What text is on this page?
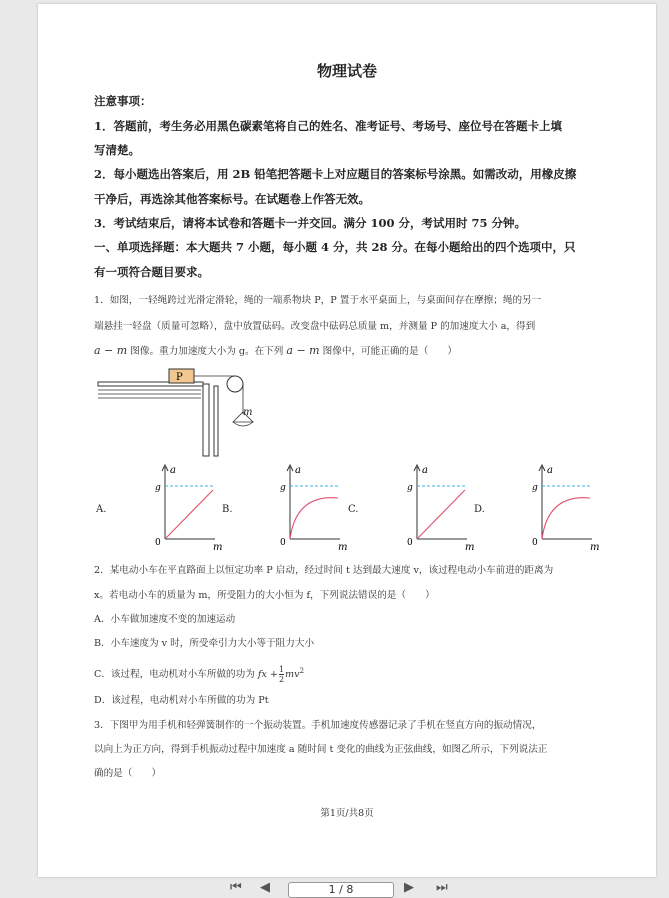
物理试卷
注意事项：
1．答题前，考生务必用黑色碳素笔将自己的姓名、准考证号、考场号、座位号在答题卡上填
写清楚。
2．每小题选出答案后，用 2B 铅笔把答题卡上对应题目的答案标号涂黑。如需改动，用橡皮擦
干净后，再选涂其他答案标号。在试题卷上作答无效。
3．考试结束后，请将本试卷和答题卡一并交回。满分 100 分，考试用时 75 分钟。
一、单项选择题：本大题共 7 小题，每小题 4 分，共 28 分。在每小题给出的四个选项中，只
有一项符合题目要求。
1．如图，一轻绳跨过光滑定滑轮，绳的一端系物块 P，P 置于水平桌面上，与桌面间存在摩擦；绳的另一
端悬挂一轻盘（质量可忽略），盘中放置砝码。改变盘中砝码总质量 m，并测量 P 的加速度大小 a，得到
a − m 图像。重力加速度大小为 g。在下列 a − m 图像中，可能正确的是（　　）
P
m
A.	B.	C.	D.
a
m
0
g
a
m
0
g
a
m
0
g
a
m
0
g
2．某电动小车在平直路面上以恒定功率 P 启动，经过时间 t 达到最大速度 v，该过程电动小车前进的距离为
x。若电动小车的质量为 m，所受阻力的大小恒为 f，下列说法错误的是（　　）
A．小车做加速度不变的加速运动
B．小车速度为 v 时，所受牵引力大小等于阻力大小
C．该过程，电动机对小车所做的功为 fx + $\frac{1}{2} mv^2$
D．该过程，电动机对小车所做的功为 Pt
3．下图甲为用手机和轻弹簧制作的一个振动装置。手机加速度传感器记录了手机在竖直方向的振动情况，
以向上为正方向，得到手机振动过程中加速度 a 随时间 t 变化的曲线为正弦曲线，如图乙所示，下列说法正
确的是（　　）
第1页/共8页
⏮ ◀	1 / 8	▶ ⏭
